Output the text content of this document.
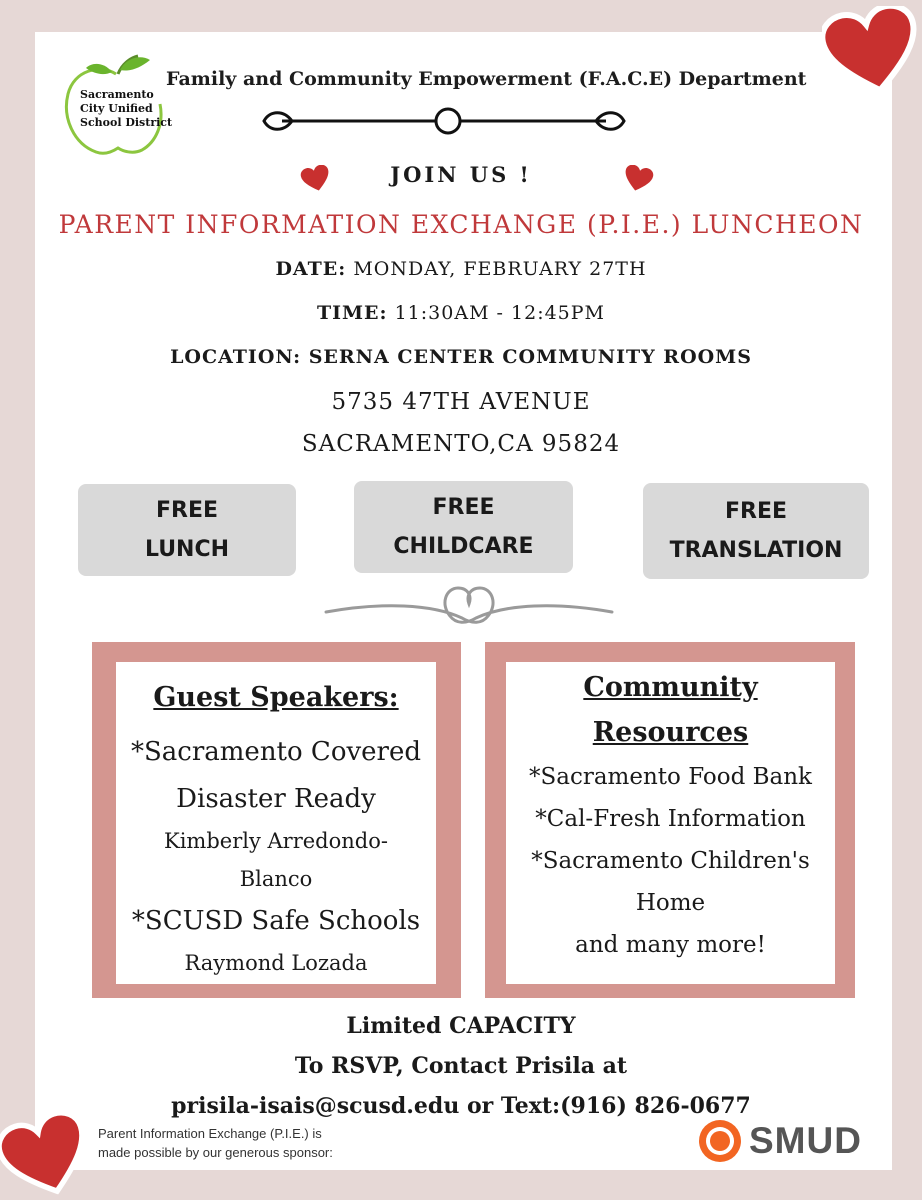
Sacramento
City Unified
School District
Family and Community Empowerment (F.A.C.E) Department
JOIN US !
PARENT INFORMATION EXCHANGE (P.I.E.) LUNCHEON
DATE: MONDAY, FEBRUARY 27TH
TIME: 11:30AM - 12:45PM
LOCATION: SERNA CENTER COMMUNITY ROOMS
5735 47TH AVENUE
SACRAMENTO,CA 95824
FREE
LUNCH
FREE
CHILDCARE
FREE
TRANSLATION
Guest Speakers:
*Sacramento Covered
Disaster Ready
Kimberly Arredondo-
Blanco
*SCUSD Safe Schools
Raymond Lozada
Community
Resources
*Sacramento Food Bank
*Cal-Fresh Information
*Sacramento Children's
Home
and many more!
Limited CAPACITY
To RSVP, Contact Prisila at
prisila-isais@scusd.edu or Text:(916) 826-0677
Parent Information Exchange (P.I.E.) is
made possible by our generous sponsor:	SMUD
